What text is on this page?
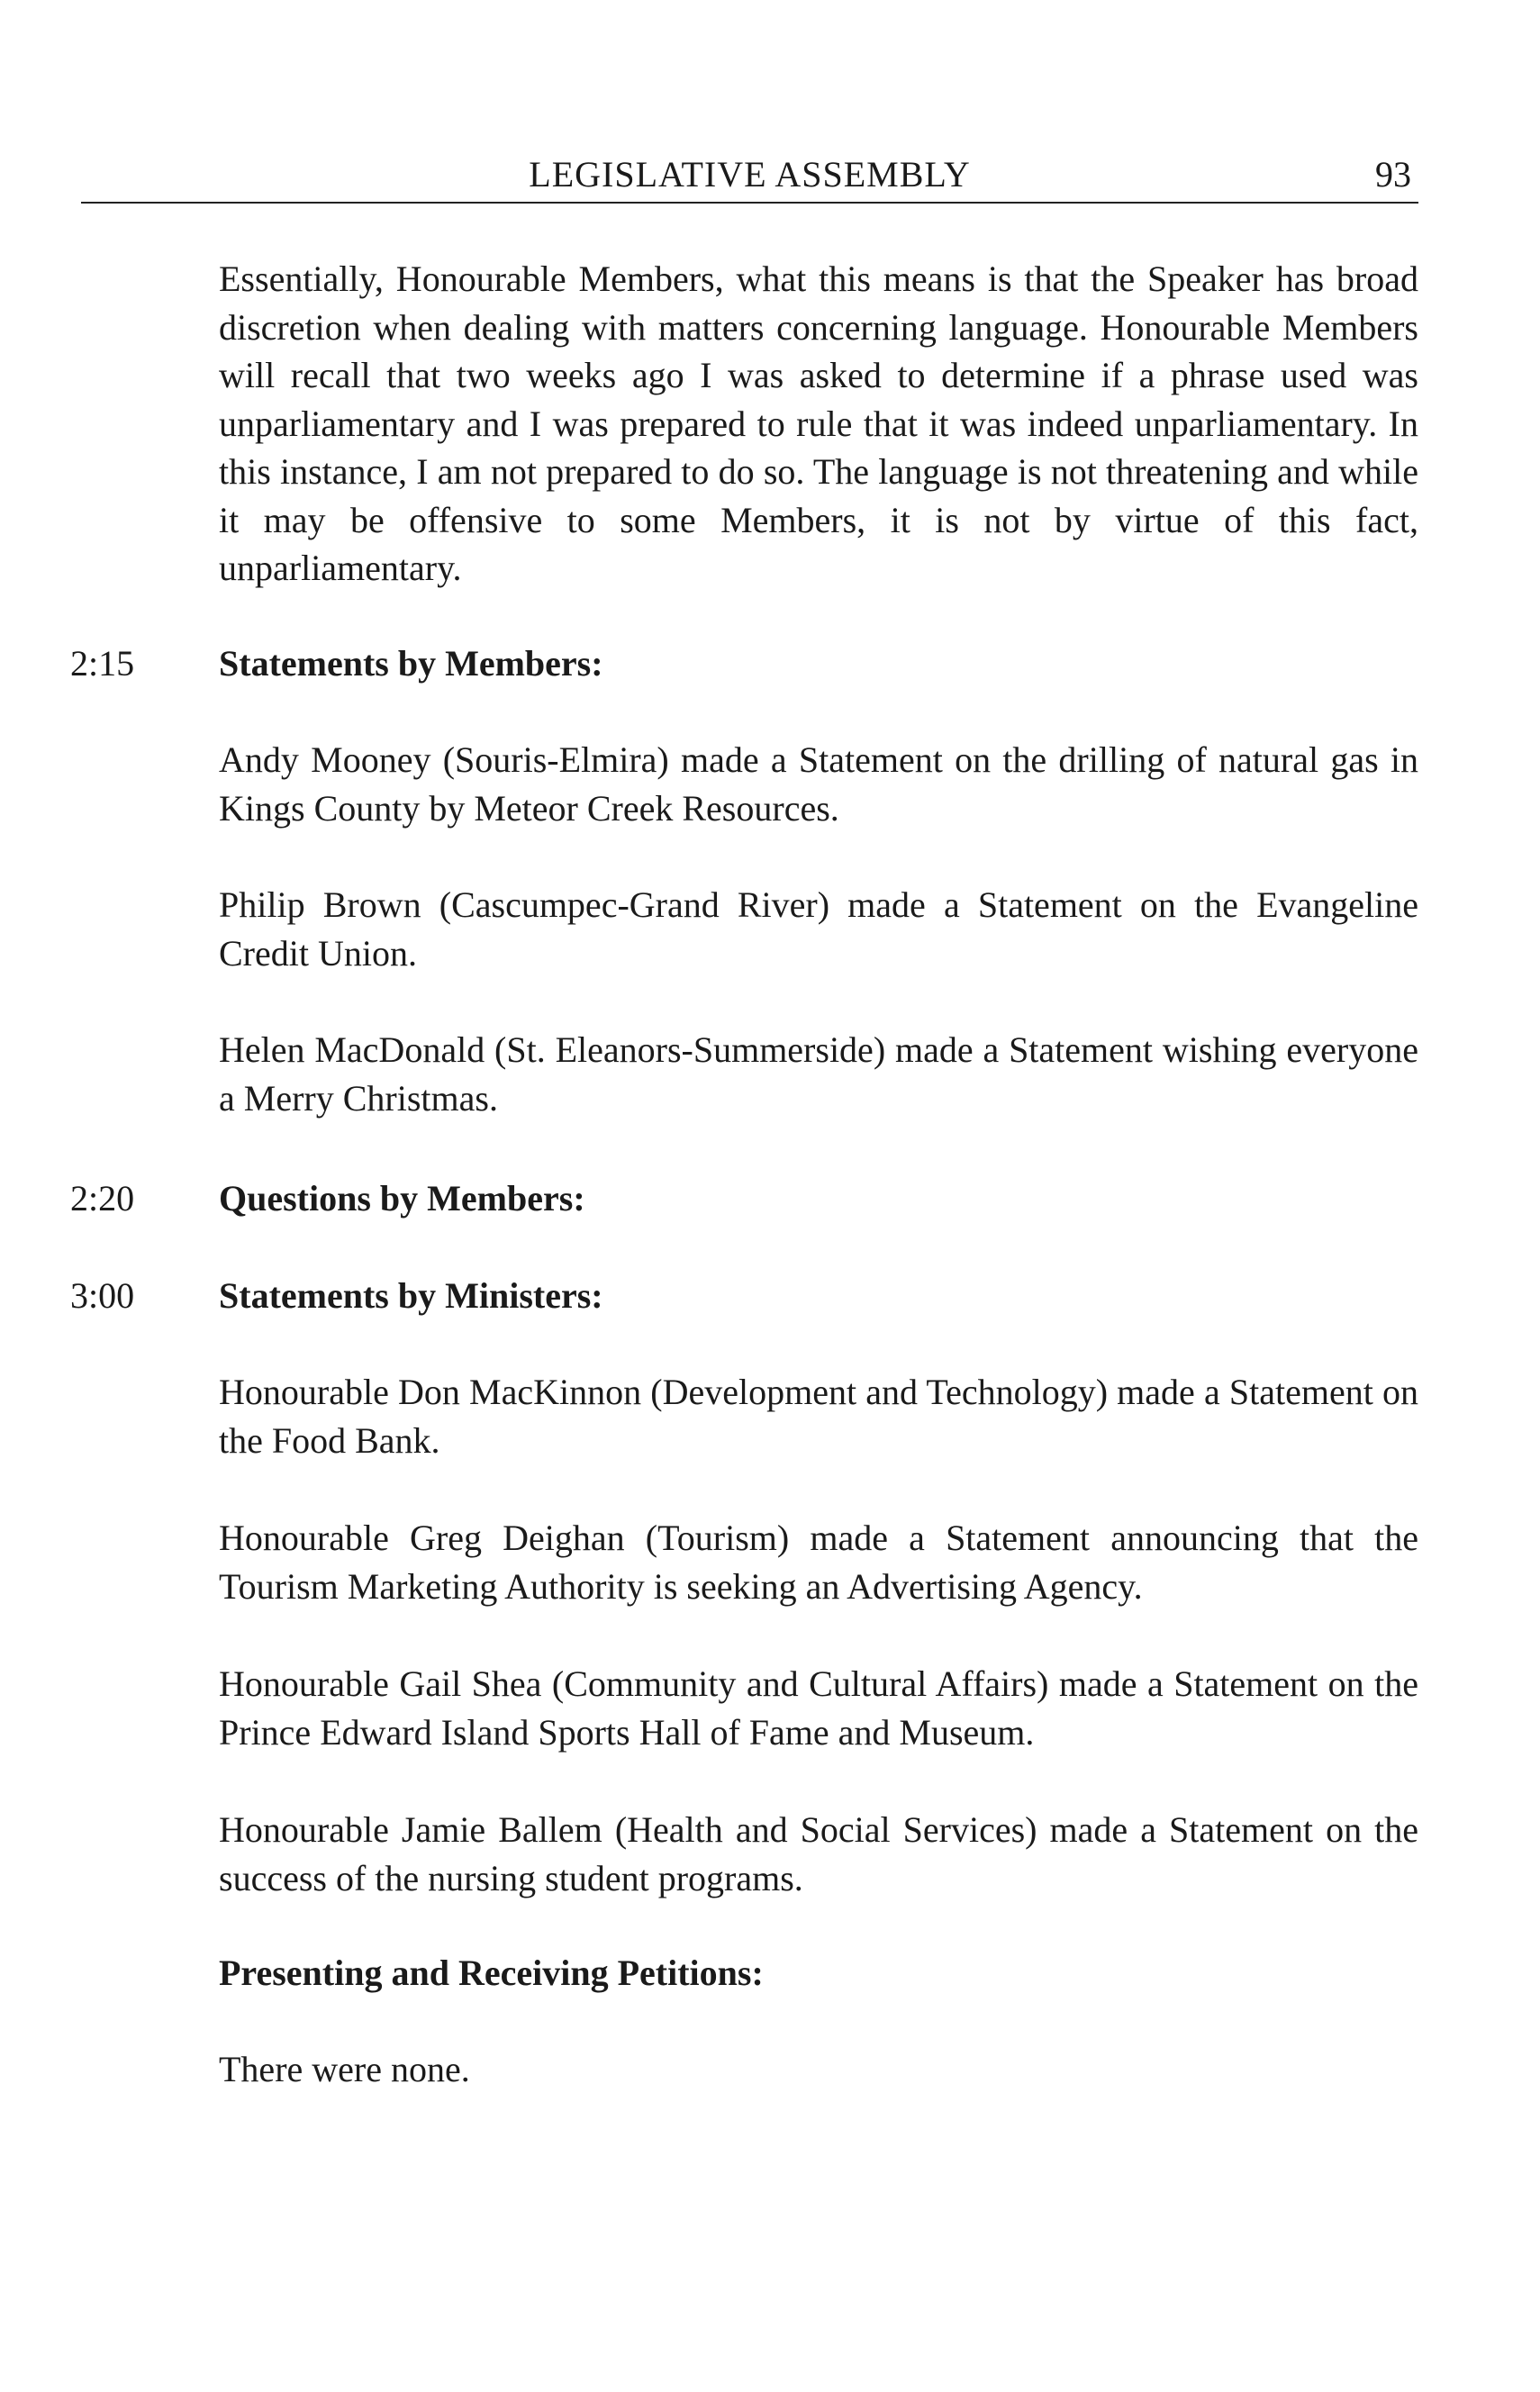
LEGISLATIVE ASSEMBLY	93

Essentially, Honourable Members, what this means is that the Speaker has broad discretion when dealing with matters concerning language. Honourable Members will recall that two weeks ago I was asked to determine if a phrase used was unparliamentary and I was prepared to rule that it was indeed unparliamentary. In this instance, I am not prepared to do so. The language is not threatening and while it may be offensive to some Members, it is not by virtue of this fact, unparliamentary.

2:15 Statements by Members:

Andy Mooney (Souris-Elmira) made a Statement on the drilling of natural gas in Kings County by Meteor Creek Resources.

Philip Brown (Cascumpec-Grand River) made a Statement on the Evangeline Credit Union.

Helen MacDonald (St. Eleanors-Summerside) made a Statement wishing everyone a Merry Christmas.

2:20 Questions by Members:

3:00 Statements by Ministers:

Honourable Don MacKinnon (Development and Technology) made a Statement on the Food Bank.

Honourable Greg Deighan (Tourism) made a Statement announcing that the Tourism Marketing Authority is seeking an Advertising Agency.

Honourable Gail Shea (Community and Cultural Affairs) made a Statement on the Prince Edward Island Sports Hall of Fame and Museum.

Honourable Jamie Ballem (Health and Social Services) made a Statement on the success of the nursing student programs.

Presenting and Receiving Petitions:

There were none.
